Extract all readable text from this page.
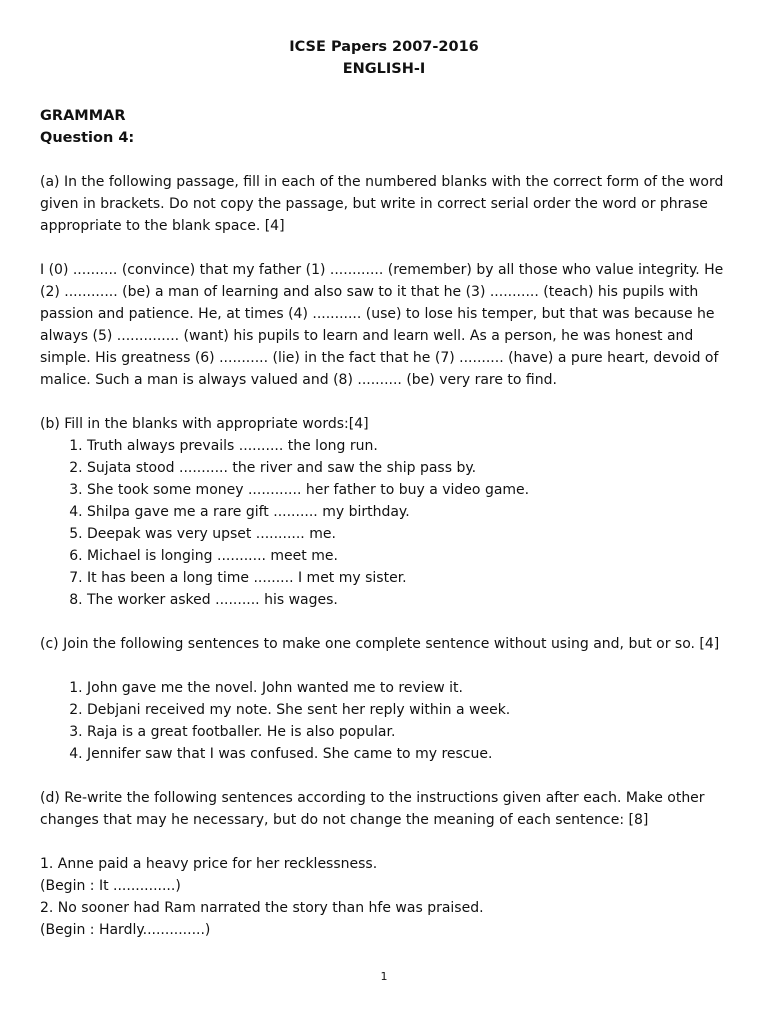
ICSE Papers 2007-2016
ENGLISH-I
GRAMMAR
Question 4:

(a) In the following passage, fill in each of the numbered blanks with the correct form of the word given in brackets. Do not copy the passage, but write in correct serial order the word or phrase appropriate to the blank space. [4]

I (0) .......... (convince) that my father (1) ............ (remember) by all those who value integrity. He (2) ............ (be) a man of learning and also saw to it that he (3) ........... (teach) his pupils with passion and patience. He, at times (4) ........... (use) to lose his temper, but that was because he always (5) .............. (want) his pupils to learn and learn well. As a person, he was honest and simple. His greatness (6) ........... (lie) in the fact that he (7) .......... (have) a pure heart, devoid of malice. Such a man is always valued and (8) .......... (be) very rare to find.

(b) Fill in the blanks with appropriate words:[4]

1. Truth always prevails .......... the long run.
2. Sujata stood ........... the river and saw the ship pass by.
3. She took some money ............ her father to buy a video game.
4. Shilpa gave me a rare gift .......... my birthday.
5. Deepak was very upset ........... me.
6. Michael is longing ........... meet me.
7. It has been a long time ......... I met my sister.
8. The worker asked .......... his wages.

(c) Join the following sentences to make one complete sentence without using and, but or so. [4]

1. John gave me the novel. John wanted me to review it.
2. Debjani received my note. She sent her reply within a week.
3. Raja is a great footballer. He is also popular.
4. Jennifer saw that I was confused. She came to my rescue.

(d) Re-write the following sentences according to the instructions given after each. Make other changes that may he necessary, but do not change the meaning of each sentence: [8]

1. Anne paid a heavy price for her recklessness.

(Begin : It ..............)

2. No sooner had Ram narrated the story than hfe was praised.

(Begin : Hardly..............)

1
